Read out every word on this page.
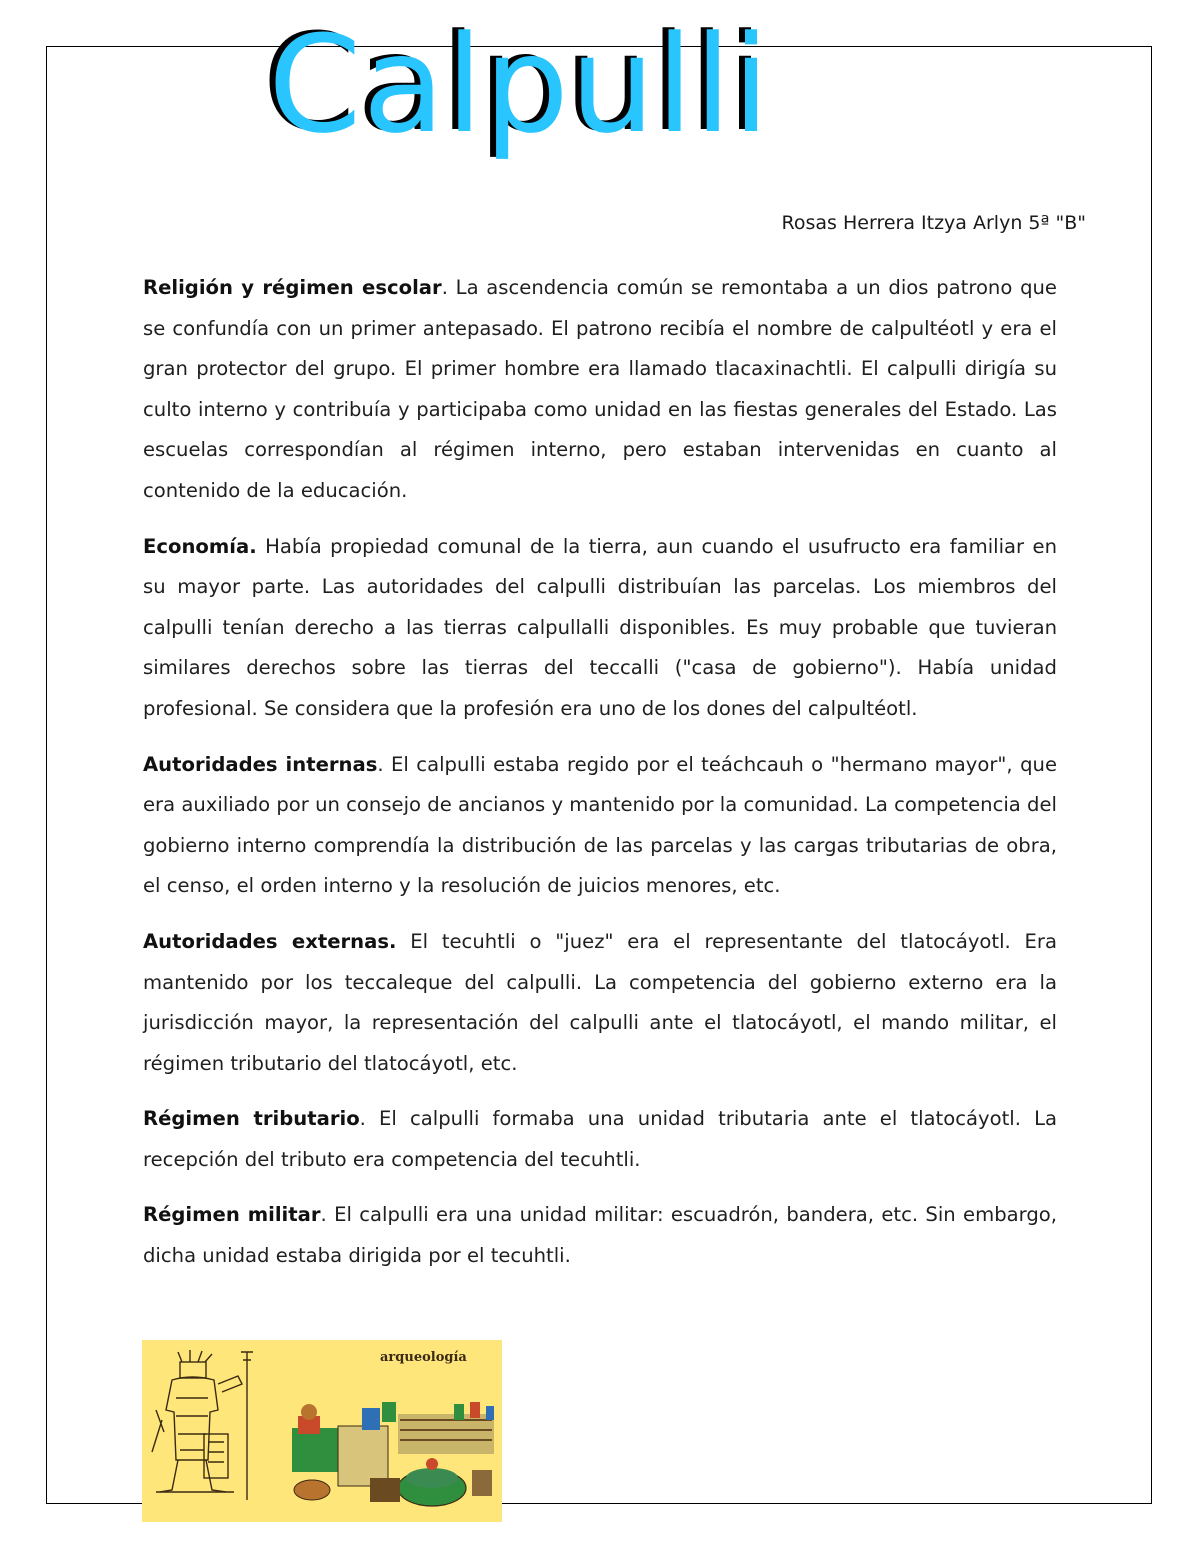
Calpulli
Rosas Herrera Itzya Arlyn 5ª "B"

Religión y régimen escolar. La ascendencia común se remontaba a un dios patrono que se confundía con un primer antepasado. El patrono recibía el nombre de calpultéotl y era el gran protector del grupo. El primer hombre era llamado tlacaxinachtli. El calpulli dirigía su culto interno y contribuía y participaba como unidad en las fiestas generales del Estado. Las escuelas correspondían al régimen interno, pero estaban intervenidas en cuanto al contenido de la educación.

Economía. Había propiedad comunal de la tierra, aun cuando el usufructo era familiar en su mayor parte. Las autoridades del calpulli distribuían las parcelas. Los miembros del calpulli tenían derecho a las tierras calpullalli disponibles. Es muy probable que tuvieran similares derechos sobre las tierras del teccalli ("casa de gobierno"). Había unidad profesional. Se considera que la profesión era uno de los dones del calpultéotl.

Autoridades internas. El calpulli estaba regido por el teáchcauh o "hermano mayor", que era auxiliado por un consejo de ancianos y mantenido por la comunidad. La competencia del gobierno interno comprendía la distribución de las parcelas y las cargas tributarias de obra, el censo, el orden interno y la resolución de juicios menores, etc.

Autoridades externas. El tecuhtli o "juez" era el representante del tlatocáyotl. Era mantenido por los teccaleque del calpulli. La competencia del gobierno externo era la jurisdicción mayor, la representación del calpulli ante el tlatocáyotl, el mando militar, el régimen tributario del tlatocáyotl, etc.

Régimen tributario. El calpulli formaba una unidad tributaria ante el tlatocáyotl. La recepción del tributo era competencia del tecuhtli.

Régimen militar. El calpulli era una unidad militar: escuadrón, bandera, etc. Sin embargo, dicha unidad estaba dirigida por el tecuhtli.

arqueología
